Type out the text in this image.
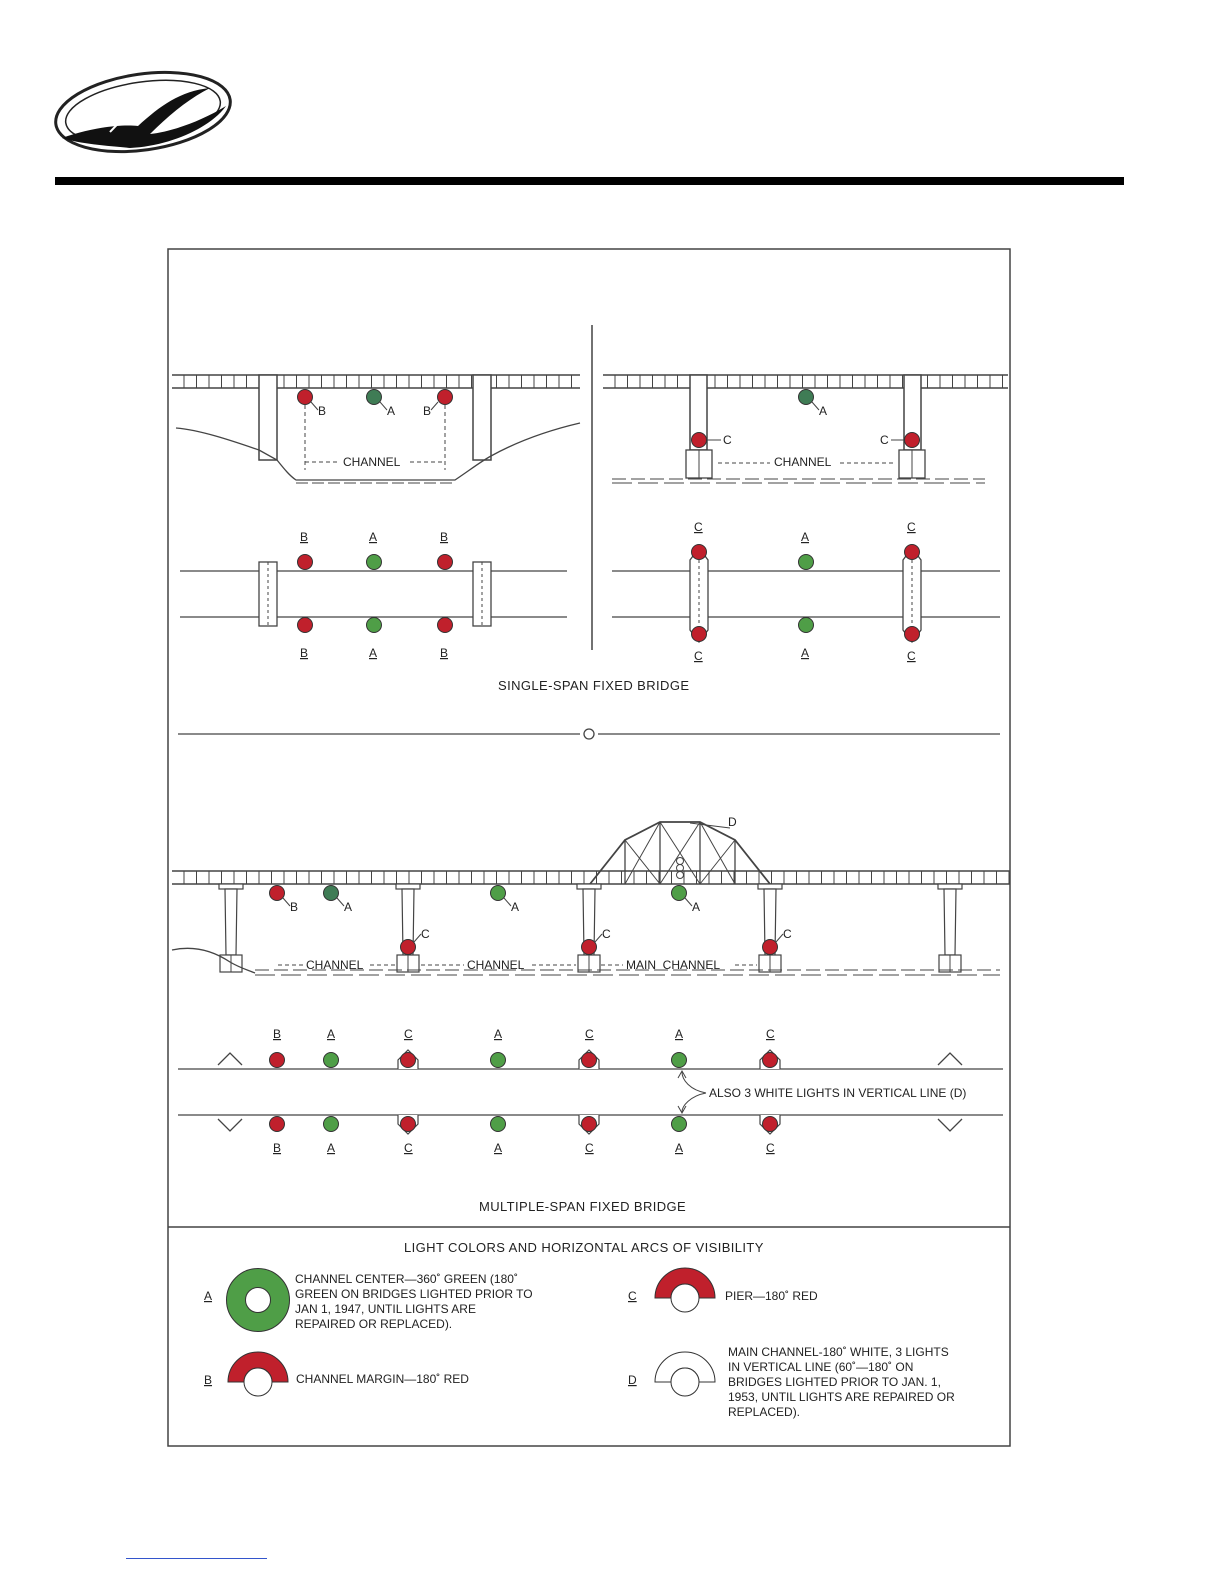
CHANNEL
B	A B
CHANNEL
A
C	C
B	A	B
B	A	B
C
A
C
C	A	C
SINGLE-SPAN FIXED BRIDGE
D
CHANNEL	CHANNEL	MAIN  CHANNEL
B	A	A	A
C	C	C
B
B
A
A
C
C
A
A
C
C
A
A
C
C
ALSO 3 WHITE LIGHTS IN VERTICAL LINE (D)
MULTIPLE-SPAN FIXED BRIDGE
LIGHT COLORS AND HORIZONTAL ARCS OF VISIBILITY
A
CHANNEL CENTER—360˚ GREEN (180˚
GREEN ON BRIDGES LIGHTED PRIOR TO
JAN 1, 1947, UNTIL LIGHTS ARE
REPAIRED OR REPLACED).
B	CHANNEL MARGIN—180˚ RED
C	PIER—180˚ RED
D
MAIN CHANNEL-180˚ WHITE, 3 LIGHTS
IN VERTICAL LINE (60˚—180˚ ON
BRIDGES LIGHTED PRIOR TO JAN. 1,
1953, UNTIL LIGHTS ARE REPAIRED OR
REPLACED).
